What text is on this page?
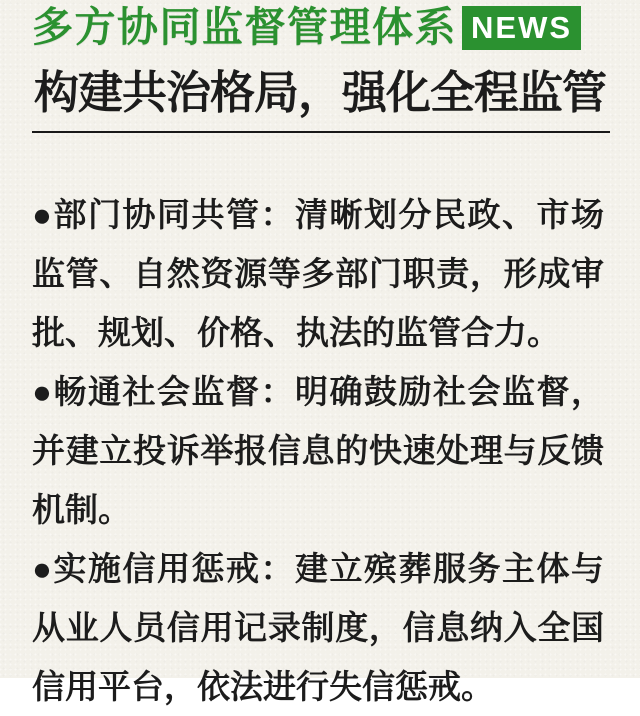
多方协同监督管理体系 NEWS
构建共治格局，强化全程监管

●部门协同共管：清晰划分民政、市场监管、自然资源等多部门职责，形成审批、规划、价格、执法的监管合力。

●畅通社会监督：明确鼓励社会监督，并建立投诉举报信息的快速处理与反馈机制。

●实施信用惩戒：建立殡葬服务主体与从业人员信用记录制度，信息纳入全国信用平台，依法进行失信惩戒。
